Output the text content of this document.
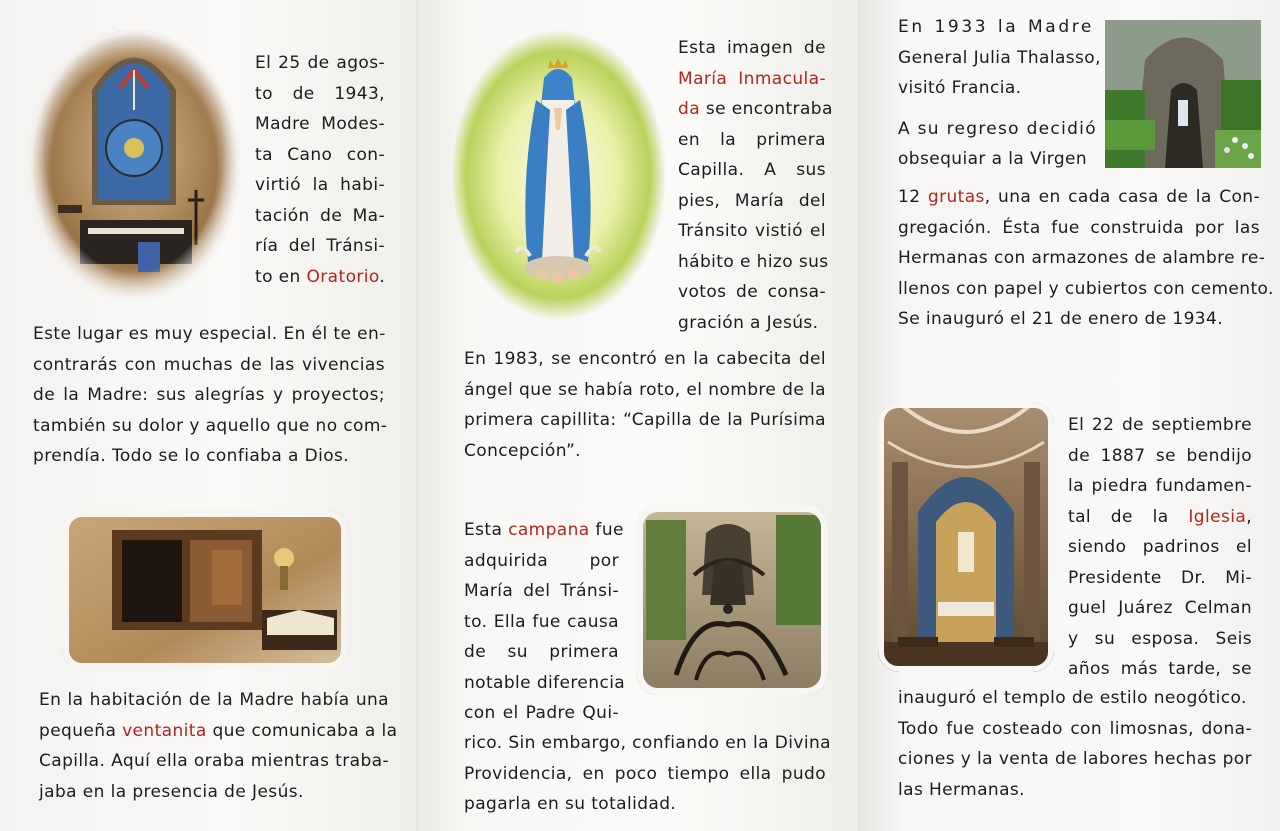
El 25 de agos-
to de 1943,
Madre Modes-
ta Cano con-
virtió la habi-
tación de Ma-
ría del Tránsi-
to en Oratorio.
Este lugar es muy especial. En él te en-
contrarás con muchas de las vivencias
de la Madre: sus alegrías y proyectos;
también su dolor y aquello que no com-
prendía. Todo se lo confiaba a Dios.
En la habitación de la Madre había una
pequeña ventanita que comunicaba a la
Capilla. Aquí ella oraba mientras traba-
jaba en la presencia de Jesús.
Esta imagen de
María Inmacula-
da se encontraba
en la primera
Capilla. A sus
pies, María del
Tránsito vistió el
hábito e hizo sus
votos de consa-
gración a Jesús.
En 1983, se encontró en la cabecita del
ángel que se había roto, el nombre de la
primera capillita: “Capilla de la Purísima
Concepción”.
Esta campana fue
adquirida por
María del Tránsi-
to. Ella fue causa
de su primera
notable diferencia
con el Padre Qui-
rico. Sin embargo, confiando en la Divina
Providencia, en poco tiempo ella pudo
pagarla en su totalidad.
En 1933 la Madre
General Julia Thalasso,
visitó Francia.
A su regreso decidió
obsequiar a la Virgen
12 grutas, una en cada casa de la Con-
gregación. Ésta fue construida por las
Hermanas con armazones de alambre re-
llenos con papel y cubiertos con cemento.
Se inauguró el 21 de enero de 1934.
El 22 de septiembre
de 1887 se bendijo
la piedra fundamen-
tal de la Iglesia,
siendo padrinos el
Presidente Dr. Mi-
guel Juárez Celman
y su esposa. Seis
años más tarde, se
inauguró el templo de estilo neogótico.
Todo fue costeado con limosnas, dona-
ciones y la venta de labores hechas por
las Hermanas.
